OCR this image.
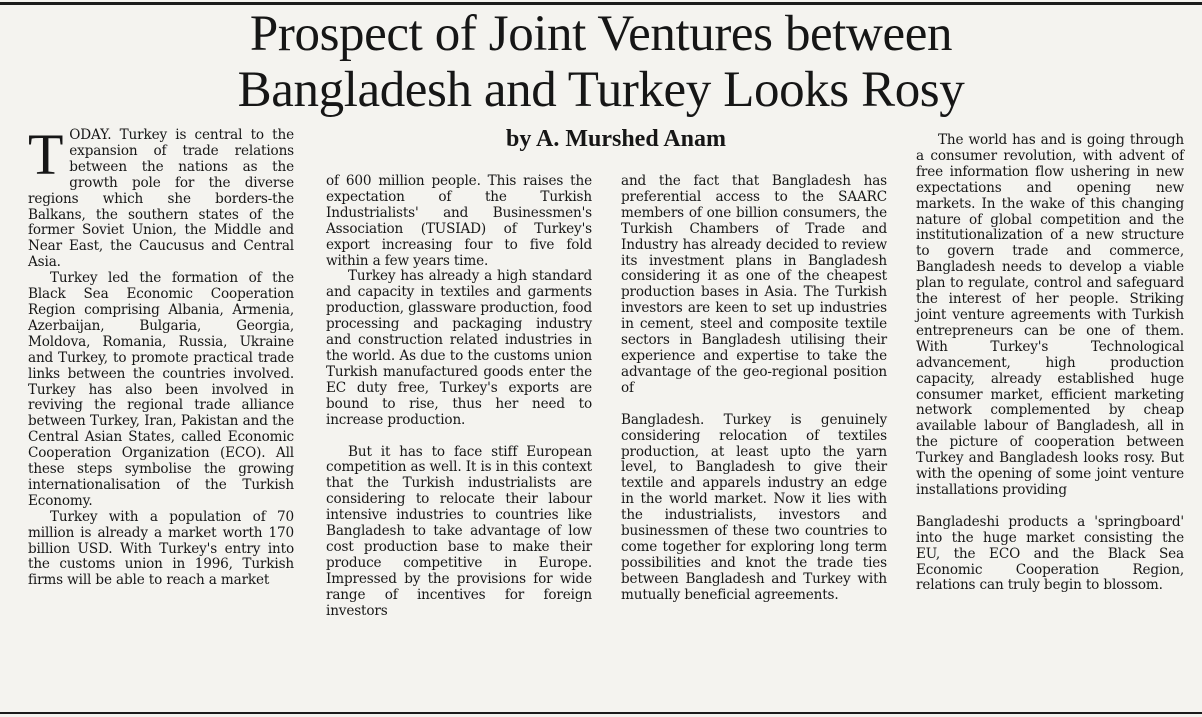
Prospect of Joint Ventures between
Bangladesh and Turkey Looks Rosy
by A. Murshed Anam

TODAY. Turkey is central to the expansion of trade relations between the nations as the growth pole for the diverse regions which she borders-the Balkans, the southern states of the former Soviet Union, the Middle and Near East, the Caucusus and Central Asia.

Turkey led the formation of the Black Sea Economic Cooperation Region comprising Albania, Armenia, Azerbaijan, Bulgaria, Georgia, Moldova, Romania, Russia, Ukraine and Turkey, to promote practical trade links between the countries involved. Turkey has also been involved in reviving the regional trade alliance between Turkey, Iran, Pakistan and the Central Asian States, called Economic Cooperation Organization (ECO). All these steps symbolise the growing internationalisation of the Turkish Economy.

Turkey with a population of 70 million is already a market worth 170 billion USD. With Turkey's entry into the customs union in 1996, Turkish firms will be able to reach a market

of 600 million people. This raises the expectation of the Turkish Industrialists' and Businessmen's Association (TUSIAD) of Turkey's export increasing four to five fold within a few years time.

Turkey has already a high standard and capacity in textiles and garments production, glassware production, food processing and packaging industry and construction related industries in the world. As due to the customs union Turkish manufactured goods enter the EC duty free, Turkey's exports are bound to rise, thus her need to increase production.

But it has to face stiff European competition as well. It is in this context that the Turkish industrialists are considering to relocate their labour intensive industries to countries like Bangladesh to take advantage of low cost production base to make their produce competitive in Europe. Impressed by the provisions for wide range of incentives for foreign investors

and the fact that Bangladesh has preferential access to the SAARC members of one billion consumers, the Turkish Chambers of Trade and Industry has already decided to review its investment plans in Bangladesh considering it as one of the cheapest production bases in Asia. The Turkish investors are keen to set up industries in cement, steel and composite textile sectors in Bangladesh utilising their experience and expertise to take the advantage of the geo-regional position of

Bangladesh. Turkey is genuinely considering relocation of textiles production, at least upto the yarn level, to Bangladesh to give their textile and apparels industry an edge in the world market. Now it lies with the industrialists, investors and businessmen of these two countries to come together for exploring long term possibilities and knot the trade ties between Bangladesh and Turkey with mutually beneficial agreements.

The world has and is going through a consumer revolution, with advent of free information flow ushering in new expectations and opening new markets. In the wake of this changing nature of global competition and the institutionalization of a new structure to govern trade and commerce, Bangladesh needs to develop a viable plan to regulate, control and safeguard the interest of her people. Striking joint venture agreements with Turkish entrepreneurs can be one of them. With Turkey's Technological advancement, high production capacity, already established huge consumer market, efficient marketing network complemented by cheap available labour of Bangladesh, all in the picture of cooperation between Turkey and Bangladesh looks rosy. But with the opening of some joint venture installations providing

Bangladeshi products a 'springboard' into the huge market consisting the EU, the ECO and the Black Sea Economic Cooperation Region, relations can truly begin to blossom.
